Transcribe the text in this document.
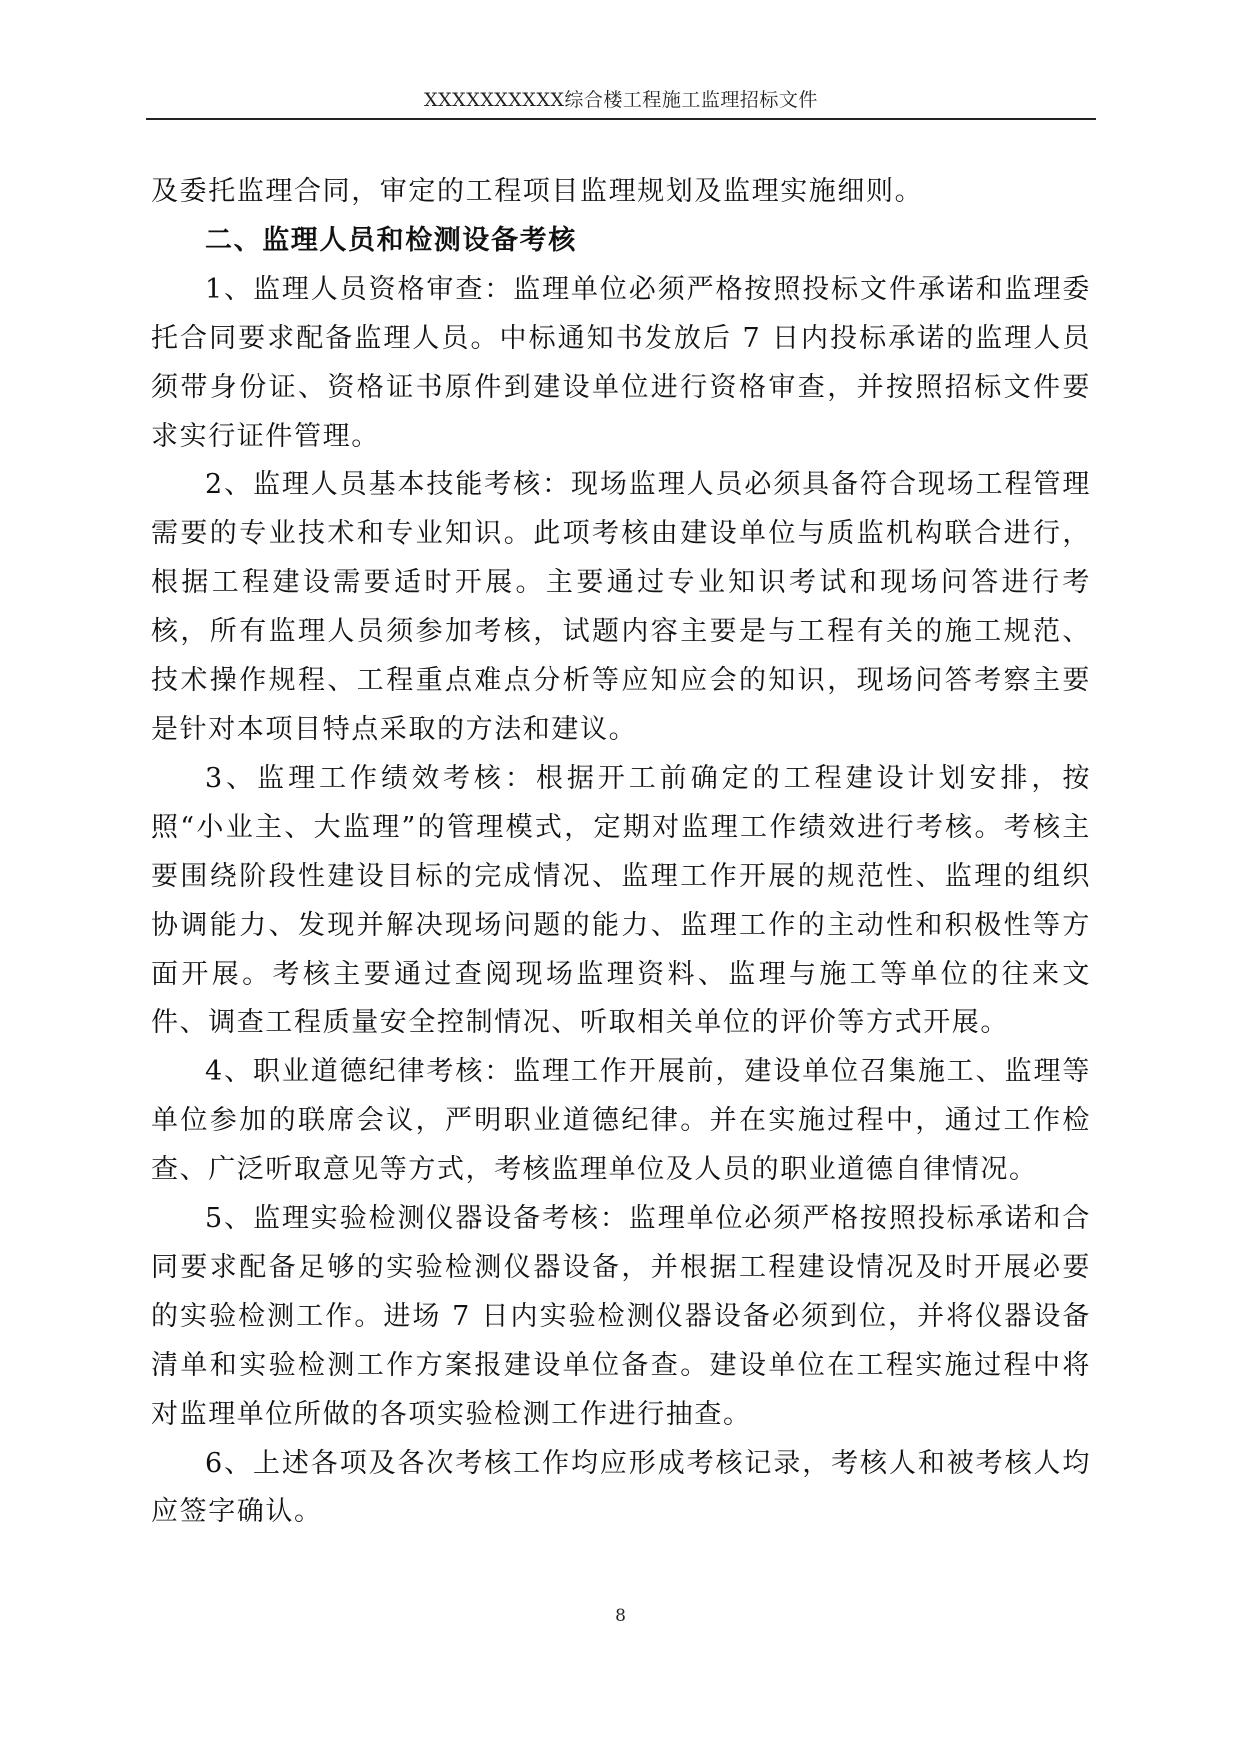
XXXXXXXXXX综合楼工程施工监理招标文件

及委托监理合同，审定的工程项目监理规划及监理实施细则。

二、监理人员和检测设备考核

1、监理人员资格审查：监理单位必须严格按照投标文件承诺和监理委托合同要求配备监理人员。中标通知书发放后 7 日内投标承诺的监理人员须带身份证、资格证书原件到建设单位进行资格审查，并按照招标文件要求实行证件管理。

2、监理人员基本技能考核：现场监理人员必须具备符合现场工程管理需要的专业技术和专业知识。此项考核由建设单位与质监机构联合进行，根据工程建设需要适时开展。主要通过专业知识考试和现场问答进行考核，所有监理人员须参加考核，试题内容主要是与工程有关的施工规范、技术操作规程、工程重点难点分析等应知应会的知识，现场问答考察主要是针对本项目特点采取的方法和建议。

3、监理工作绩效考核：根据开工前确定的工程建设计划安排，按照“小业主、大监理”的管理模式，定期对监理工作绩效进行考核。考核主要围绕阶段性建设目标的完成情况、监理工作开展的规范性、监理的组织协调能力、发现并解决现场问题的能力、监理工作的主动性和积极性等方面开展。考核主要通过查阅现场监理资料、监理与施工等单位的往来文件、调查工程质量安全控制情况、听取相关单位的评价等方式开展。

4、职业道德纪律考核：监理工作开展前，建设单位召集施工、监理等单位参加的联席会议，严明职业道德纪律。并在实施过程中，通过工作检查、广泛听取意见等方式，考核监理单位及人员的职业道德自律情况。

5、监理实验检测仪器设备考核：监理单位必须严格按照投标承诺和合同要求配备足够的实验检测仪器设备，并根据工程建设情况及时开展必要的实验检测工作。进场 7 日内实验检测仪器设备必须到位，并将仪器设备清单和实验检测工作方案报建设单位备查。建设单位在工程实施过程中将对监理单位所做的各项实验检测工作进行抽查。

6、上述各项及各次考核工作均应形成考核记录，考核人和被考核人均应签字确认。

8
